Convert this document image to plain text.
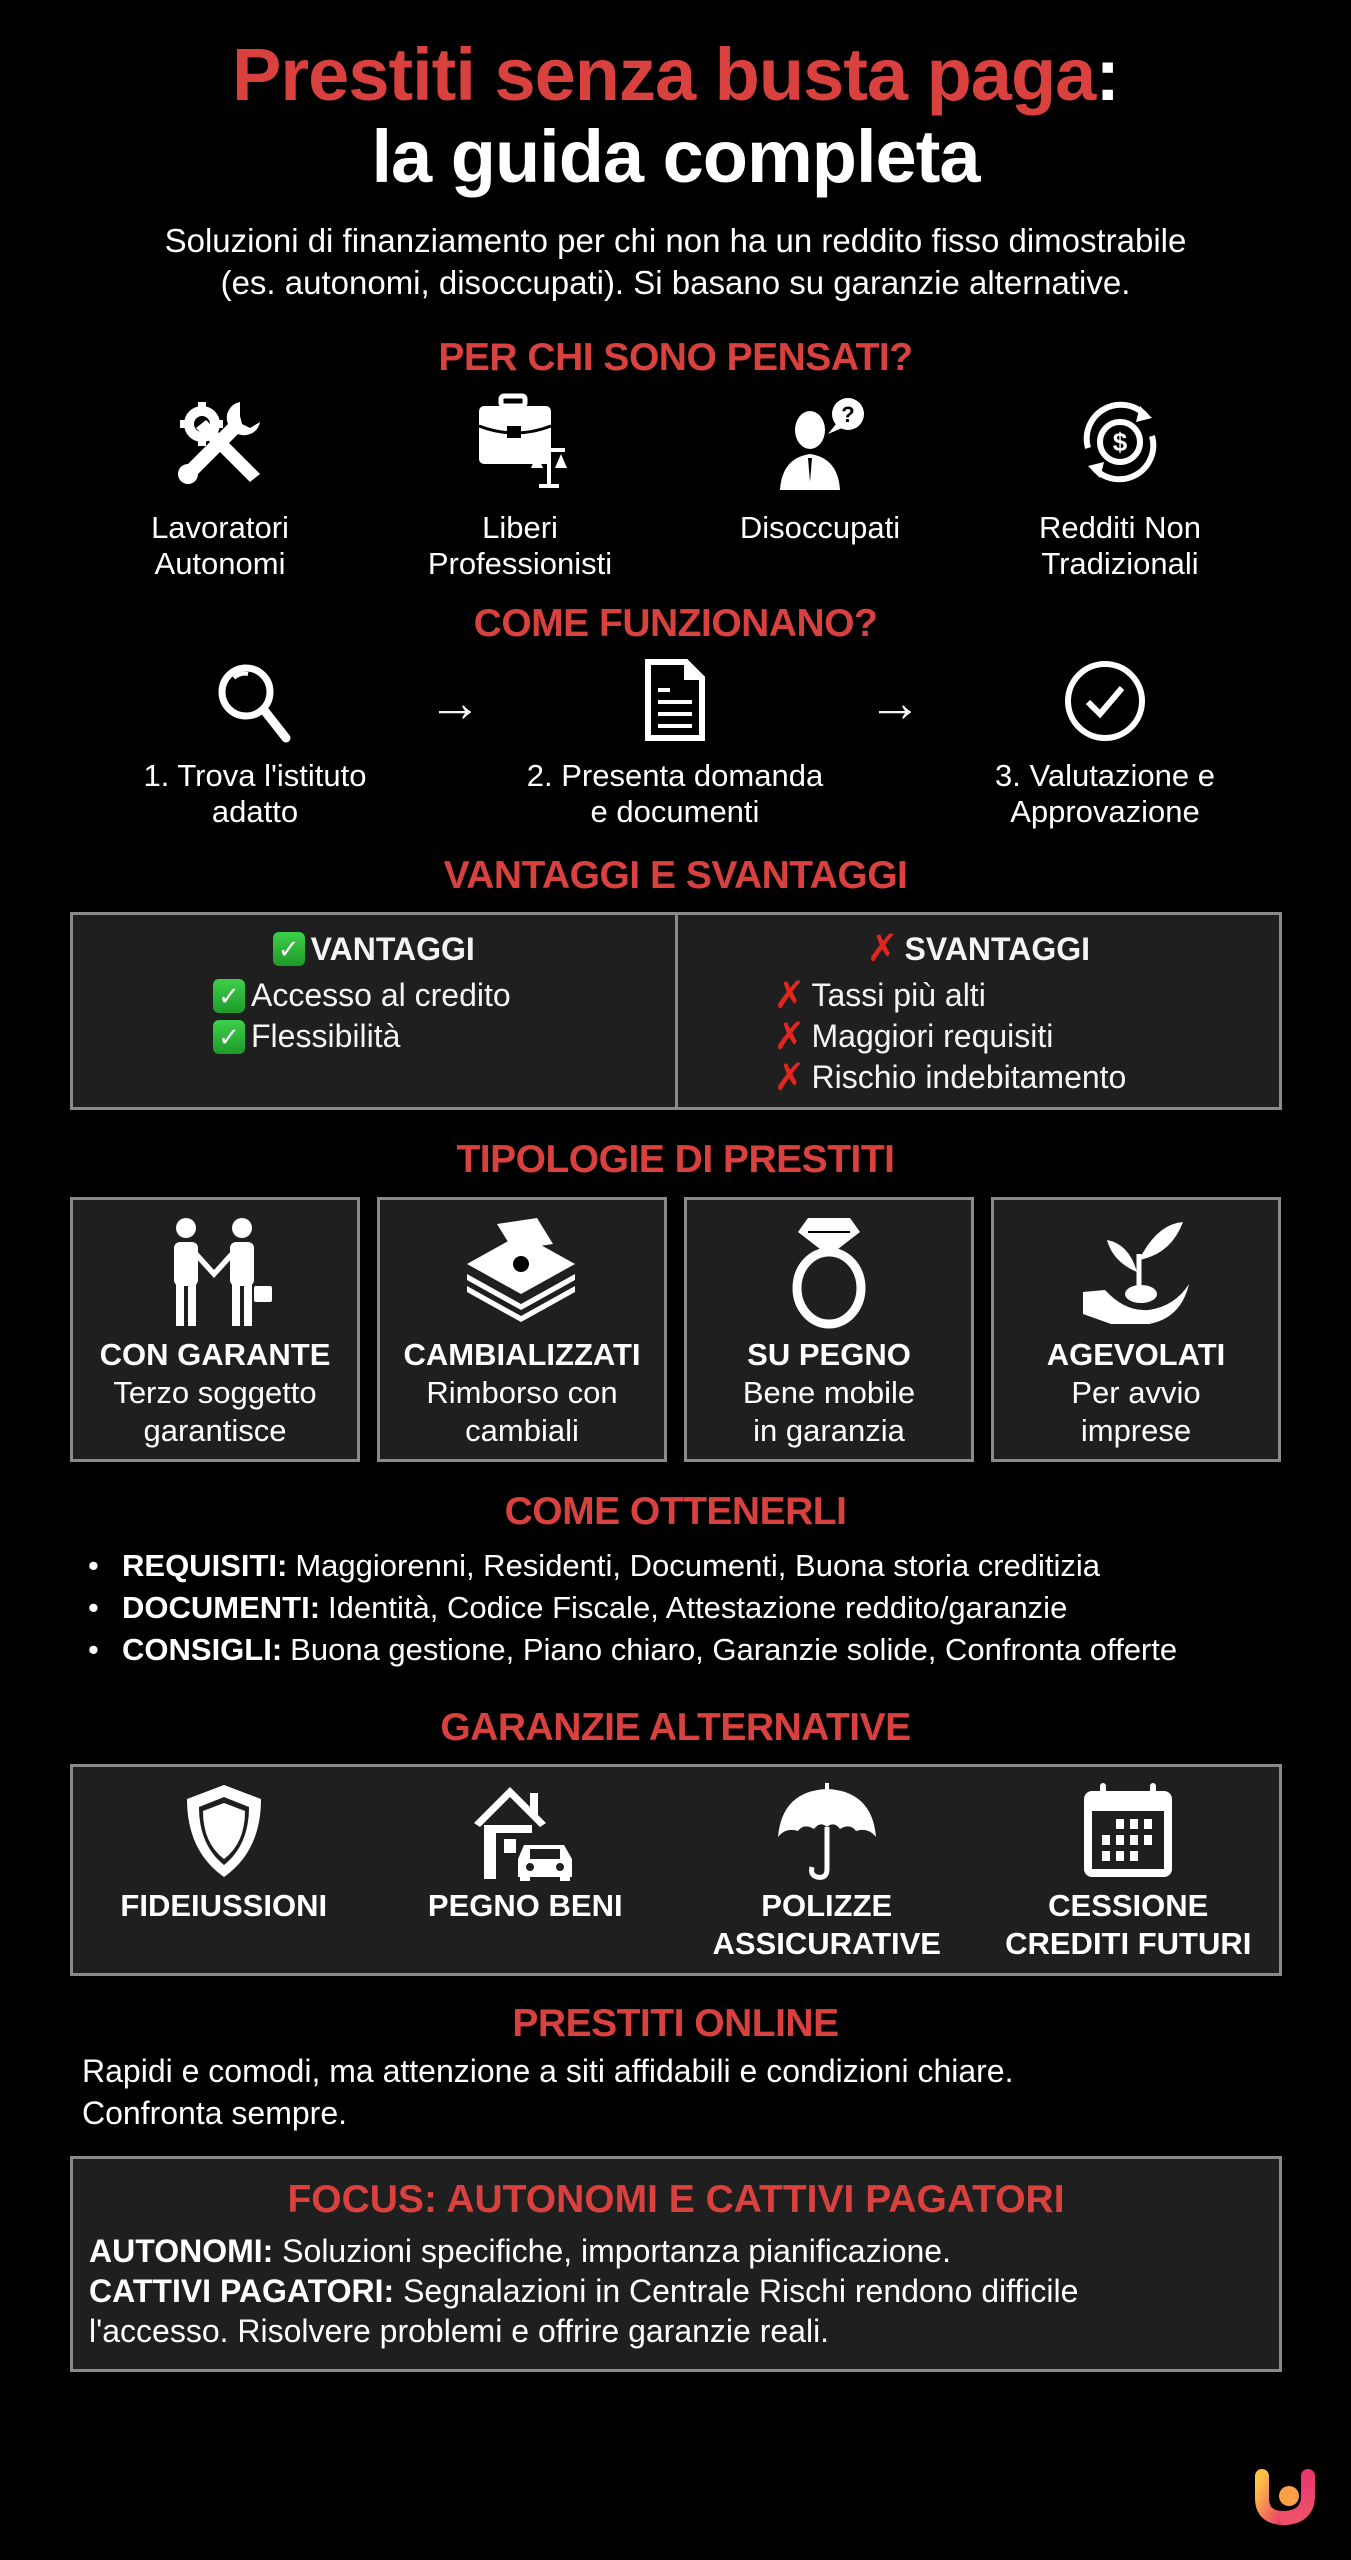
Prestiti senza busta paga:
la guida completa
Soluzioni di finanziamento per chi non ha un reddito fisso dimostrabile
(es. autonomi, disoccupati). Si basano su garanzie alternative.
PER CHI SONO PENSATI?
Lavoratori
Autonomi
Liberi
Professionisti
?
Disoccupati
$
Redditi Non
Tradizionali
COME FUNZIONANO?
1. Trova l'istituto
adatto
→
2. Presenta domanda
e documenti
→
3. Valutazione e
Approvazione
VANTAGGI E SVANTAGGI
✓ VANTAGGI
✓ Accesso al credito
✓ Flessibilità
✗ SVANTAGGI
✗ Tassi più alti
✗ Maggiori requisiti
✗ Rischio indebitamento
TIPOLOGIE DI PRESTITI
CON GARANTE
Terzo soggetto
garantisce
CAMBIALIZZATI
Rimborso con
cambiali
SU PEGNO
Bene mobile
in garanzia
AGEVOLATI
Per avvio
imprese
COME OTTENERLI
• REQUISITI: Maggiorenni, Residenti, Documenti, Buona storia creditizia
• DOCUMENTI: Identità, Codice Fiscale, Attestazione reddito/garanzie
• CONSIGLI: Buona gestione, Piano chiaro, Garanzie solide, Confronta offerte
GARANZIE ALTERNATIVE
FIDEIUSSIONI	PEGNO BENI	POLIZZE
ASSICURATIVE
CESSIONE
CREDITI FUTURI
PRESTITI ONLINE
Rapidi e comodi, ma attenzione a siti affidabili e condizioni chiare.
Confronta sempre.
FOCUS: AUTONOMI E CATTIVI PAGATORI

AUTONOMI: Soluzioni specifiche, importanza pianificazione.

CATTIVI PAGATORI: Segnalazioni in Centrale Rischi rendono difficile

l'accesso. Risolvere problemi e offrire garanzie reali.
